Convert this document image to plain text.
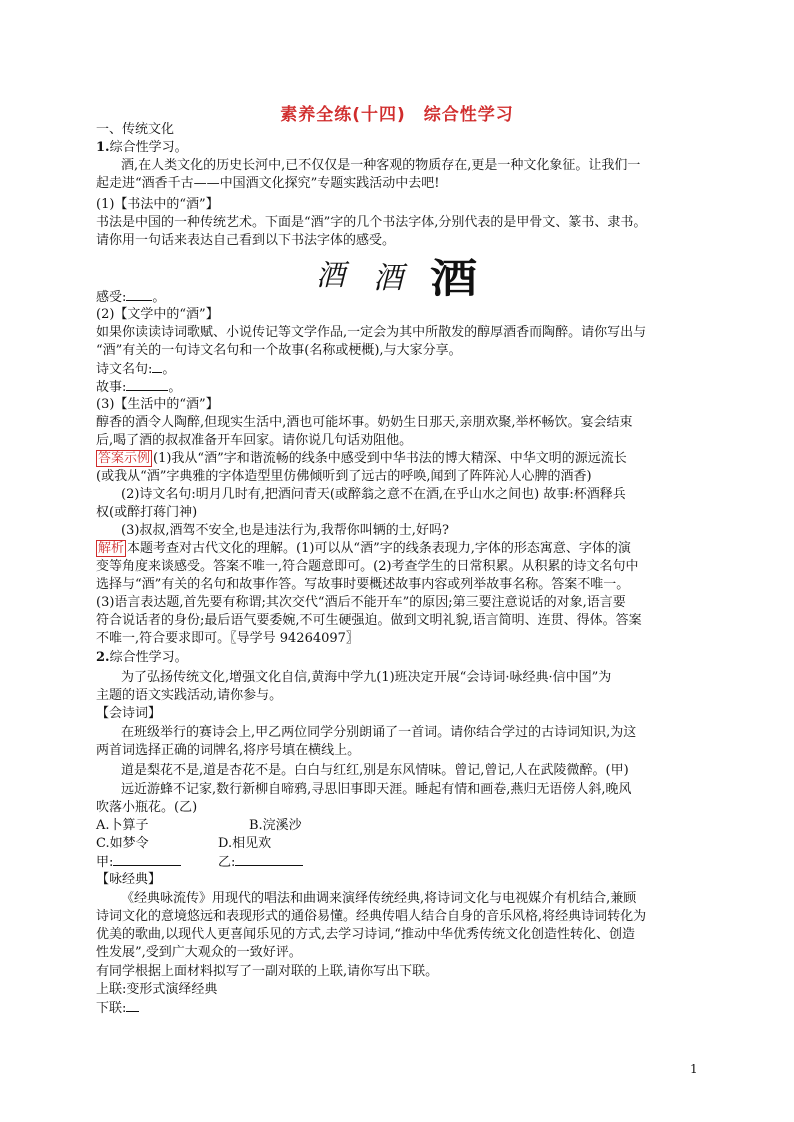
素养全练(十四) 综合性学习
一、传统文化
1.综合性学习。
酒,在人类文化的历史长河中,已不仅仅是一种客观的物质存在,更是一种文化象征。让我们一
起走进“酒香千古——中国酒文化探究”专题实践活动中去吧!
(1)【书法中的“酒”】
书法是中国的一种传统艺术。下面是“酒”字的几个书法字体,分别代表的是甲骨文、篆书、隶书。
请你用一句话来表达自己看到以下书法字体的感受。
酒 酒 酒
感受: 。
(2)【文学中的“酒”】
如果你读读诗词歌赋、小说传记等文学作品,一定会为其中所散发的醇厚酒香而陶醉。请你写出与
“酒”有关的一句诗文名句和一个故事(名称或梗概),与大家分享。
诗文名句: 。
故事:	。
(3)【生活中的“酒”】
醇香的酒令人陶醉,但现实生活中,酒也可能坏事。奶奶生日那天,亲朋欢聚,举杯畅饮。宴会结束
后,喝了酒的叔叔准备开车回家。请你说几句话劝阻他。
答案示例 (1)我从“酒”字和谐流畅的线条中感受到中华书法的博大精深、中华文明的源远流长
(或我从“酒”字典雅的字体造型里仿佛倾听到了远古的呼唤,闻到了阵阵沁人心脾的酒香)
(2)诗文名句:明月几时有,把酒问青天(或醉翁之意不在酒,在乎山水之间也) 故事:杯酒释兵
权(或醉打蒋门神)
(3)叔叔,酒驾不安全,也是违法行为,我帮你叫辆的士,好吗?
解析 本题考查对古代文化的理解。(1)可以从“酒”字的线条表现力,字体的形态寓意、字体的演
变等角度来谈感受。答案不唯一,符合题意即可。(2)考查学生的日常积累。从积累的诗文名句中
选择与“酒”有关的名句和故事作答。写故事时要概述故事内容或列举故事名称。答案不唯一。
(3)语言表达题,首先要有称谓;其次交代“酒后不能开车”的原因;第三要注意说话的对象,语言要
符合说话者的身份;最后语气要委婉,不可生硬强迫。做到文明礼貌,语言简明、连贯、得体。答案
不唯一,符合要求即可。〖导学号 94264097〗
2.综合性学习。
为了弘扬传统文化,增强文化自信,黄海中学九(1)班决定开展“会诗词·咏经典·信中国”为
主题的语文实践活动,请你参与。
【会诗词】
在班级举行的赛诗会上,甲乙两位同学分别朗诵了一首词。请你结合学过的古诗词知识,为这
两首词选择正确的词牌名,将序号填在横线上。
道是梨花不是,道是杏花不是。白白与红红,别是东风情味。曾记,曾记,人在武陵微醉。(甲)
远近游蜂不记家,数行新柳自啼鸦,寻思旧事即天涯。睡起有情和画卷,燕归无语傍人斜,晚风
吹落小瓶花。(乙)
A.卜算子	B.浣溪沙
C.如梦令	D.相见欢
甲:	乙:
【咏经典】
《经典咏流传》用现代的唱法和曲调来演绎传统经典,将诗词文化与电视媒介有机结合,兼顾
诗词文化的意境悠远和表现形式的通俗易懂。经典传唱人结合自身的音乐风格,将经典诗词转化为
优美的歌曲,以现代人更喜闻乐见的方式,去学习诗词,“推动中华优秀传统文化创造性转化、创造
性发展”,受到广大观众的一致好评。
有同学根据上面材料拟写了一副对联的上联,请你写出下联。
上联:变形式演绎经典
下联:
1
